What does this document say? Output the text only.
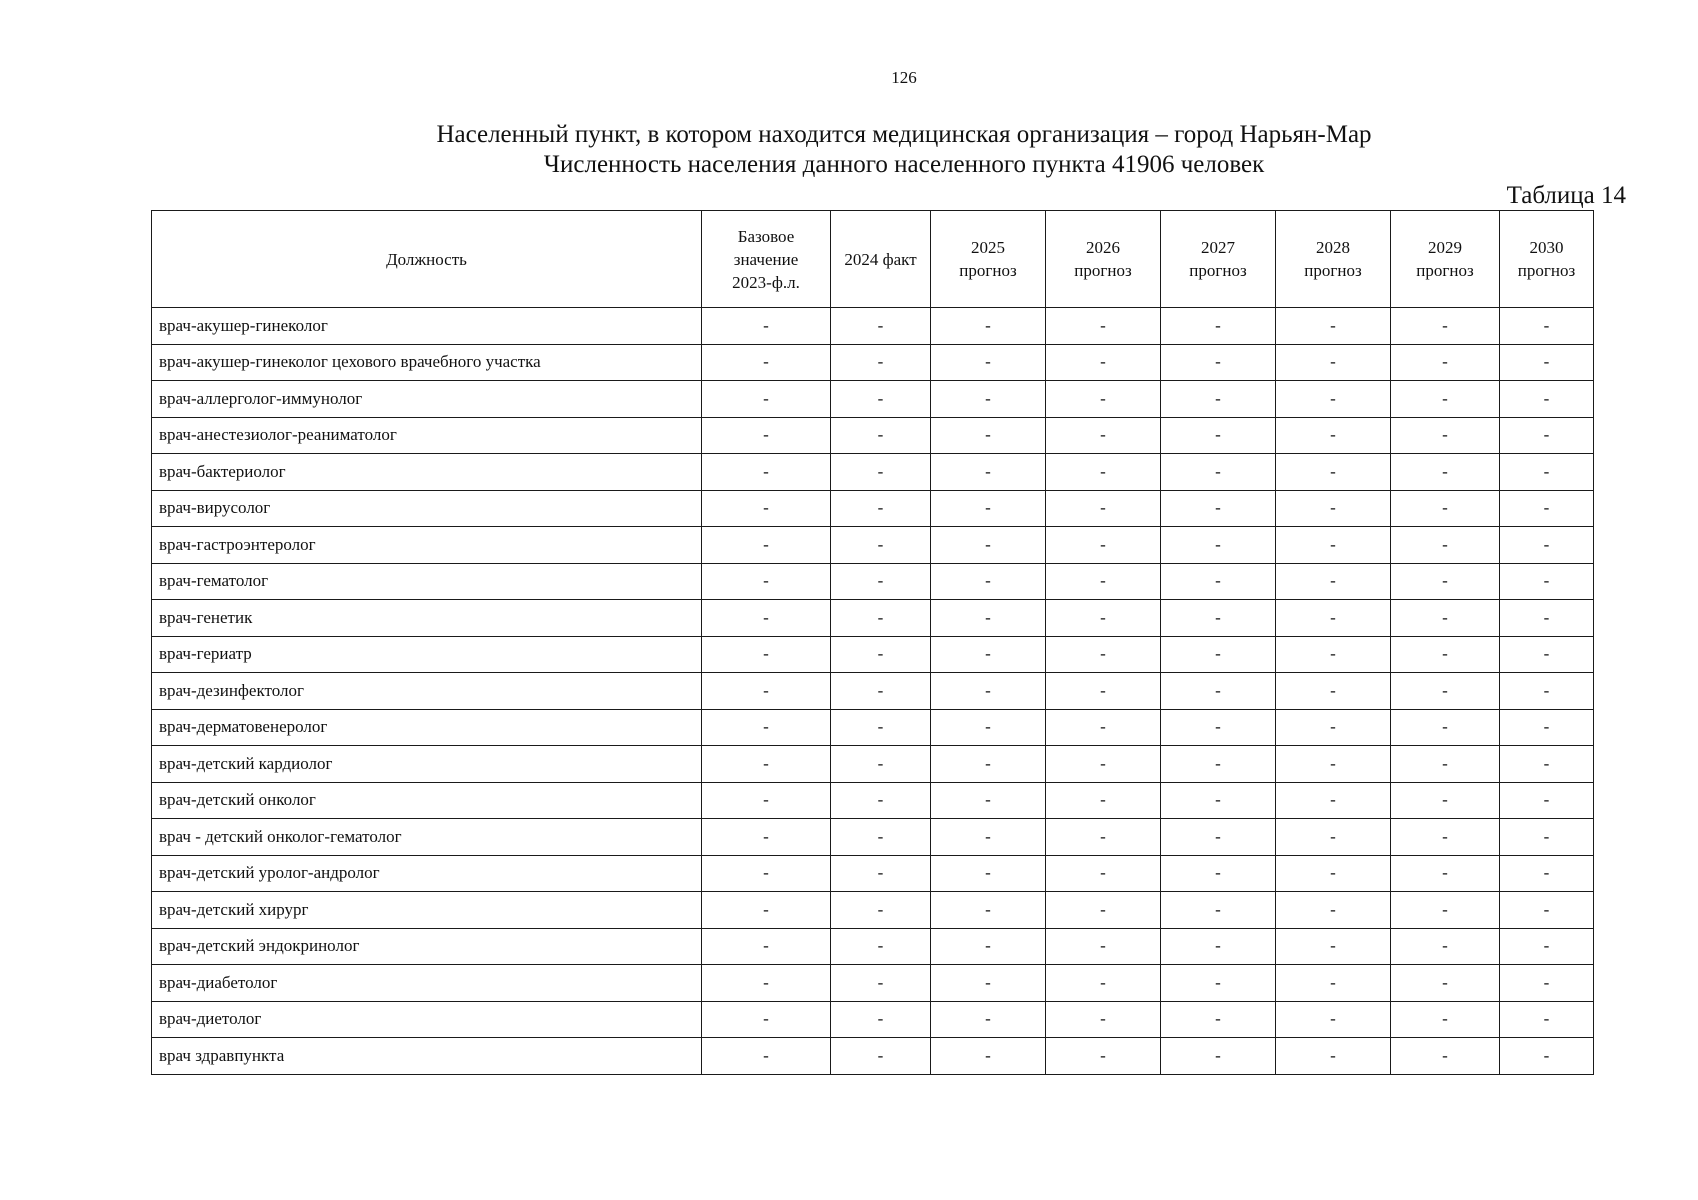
126
Населенный пункт, в котором находится медицинская организация – город Нарьян-Мар
Численность населения данного населенного пункта 41906 человек
Таблица 14
Должность	Базовое значение 2023-ф.л.	2024 факт	2025 прогноз	2026 прогноз	2027 прогноз	2028 прогноз	2029 прогноз	2030 прогноз
врач-акушер-гинеколог	-	-	-	-	-	-	-	-
врач-акушер-гинеколог цехового врачебного участка	-	-	-	-	-	-	-	-
врач-аллерголог-иммунолог	-	-	-	-	-	-	-	-
врач-анестезиолог-реаниматолог	-	-	-	-	-	-	-	-
врач-бактериолог	-	-	-	-	-	-	-	-
врач-вирусолог	-	-	-	-	-	-	-	-
врач-гастроэнтеролог	-	-	-	-	-	-	-	-
врач-гематолог	-	-	-	-	-	-	-	-
врач-генетик	-	-	-	-	-	-	-	-
врач-гериатр	-	-	-	-	-	-	-	-
врач-дезинфектолог	-	-	-	-	-	-	-	-
врач-дерматовенеролог	-	-	-	-	-	-	-	-
врач-детский кардиолог	-	-	-	-	-	-	-	-
врач-детский онколог	-	-	-	-	-	-	-	-
врач - детский онколог-гематолог	-	-	-	-	-	-	-	-
врач-детский уролог-андролог	-	-	-	-	-	-	-	-
врач-детский хирург	-	-	-	-	-	-	-	-
врач-детский эндокринолог	-	-	-	-	-	-	-	-
врач-диабетолог	-	-	-	-	-	-	-	-
врач-диетолог	-	-	-	-	-	-	-	-
врач здравпункта	-	-	-	-	-	-	-	-
